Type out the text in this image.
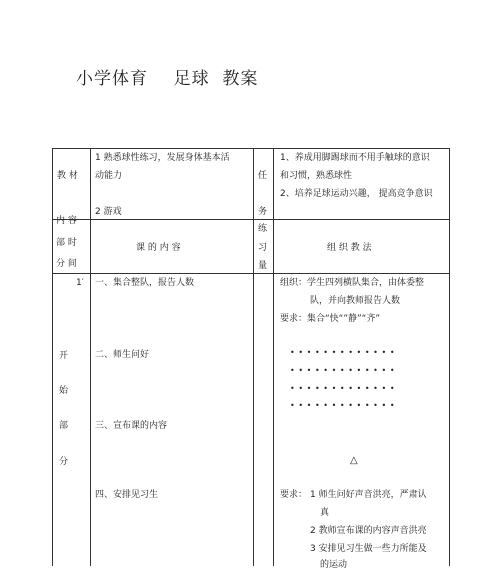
小学体育    足球  教案
教 材
1 熟悉球性练习，发展身体基本活
动能力
2 游戏
任
务
1、养成用脚踢球而不用手触球的意识
和习惯，熟悉球性
2、培养足球运动兴趣， 提高竞争意识
内 容
部 时
分 间
课 的 内 容
练
习
量
组 织 教 法
开
始
部
分
1′ 一、集合整队，报告人数
二、师生问好
三、宣布课的内容
四、安排见习生
组织：学生四列横队集合，由体委整
队，并向教师报告人数
要求：集合“快“”静”“齐”
•••••••••••••
•••••••••••••
•••••••••••••
•••••••••••••
△
要求： 1 师生问好声音洪亮，严肃认
真
2 教师宣布课的内容声音洪亮
3 安排见习生做一些力所能及
的运动
